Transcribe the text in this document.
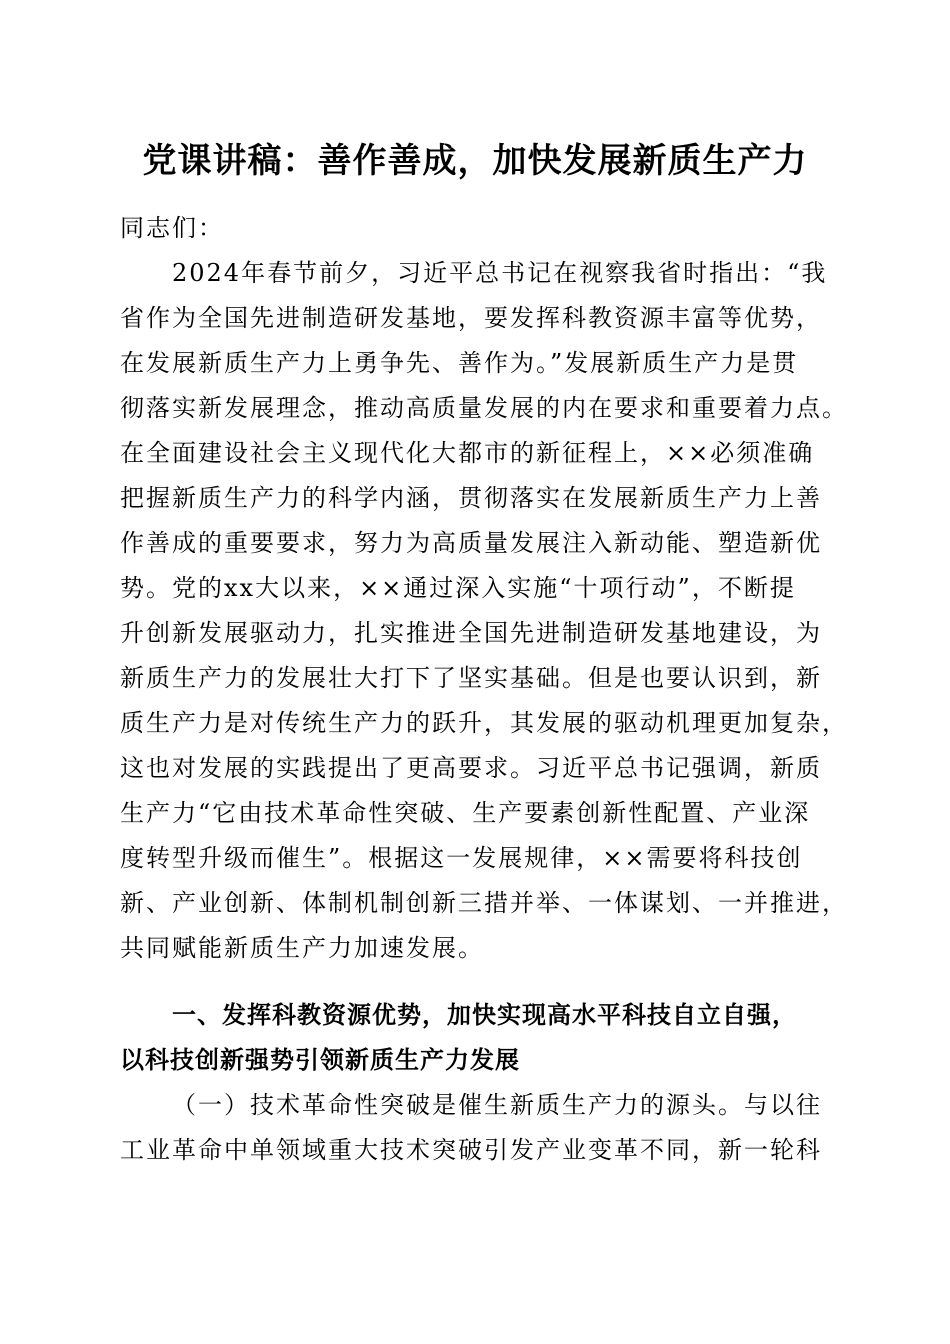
党课讲稿：善作善成，加快发展新质生产力
同志们：
2024年春节前夕，习近平总书记在视察我省时指出：“我
省作为全国先进制造研发基地，要发挥科教资源丰富等优势，
在发展新质生产力上勇争先、善作为。”发展新质生产力是贯
彻落实新发展理念，推动高质量发展的内在要求和重要着力点。
在全面建设社会主义现代化大都市的新征程上，××必须准确
把握新质生产力的科学内涵，贯彻落实在发展新质生产力上善
作善成的重要要求，努力为高质量发展注入新动能、塑造新优
势。党的xx大以来，××通过深入实施“十项行动”，不断提
升创新发展驱动力，扎实推进全国先进制造研发基地建设，为
新质生产力的发展壮大打下了坚实基础。但是也要认识到，新
质生产力是对传统生产力的跃升，其发展的驱动机理更加复杂，
这也对发展的实践提出了更高要求。习近平总书记强调，新质
生产力“它由技术革命性突破、生产要素创新性配置、产业深
度转型升级而催生”。根据这一发展规律，××需要将科技创
新、产业创新、体制机制创新三措并举、一体谋划、一并推进，
共同赋能新质生产力加速发展。
一、发挥科教资源优势，加快实现高水平科技自立自强，
以科技创新强势引领新质生产力发展
（一）技术革命性突破是催生新质生产力的源头。与以往
工业革命中单领域重大技术突破引发产业变革不同，新一轮科
